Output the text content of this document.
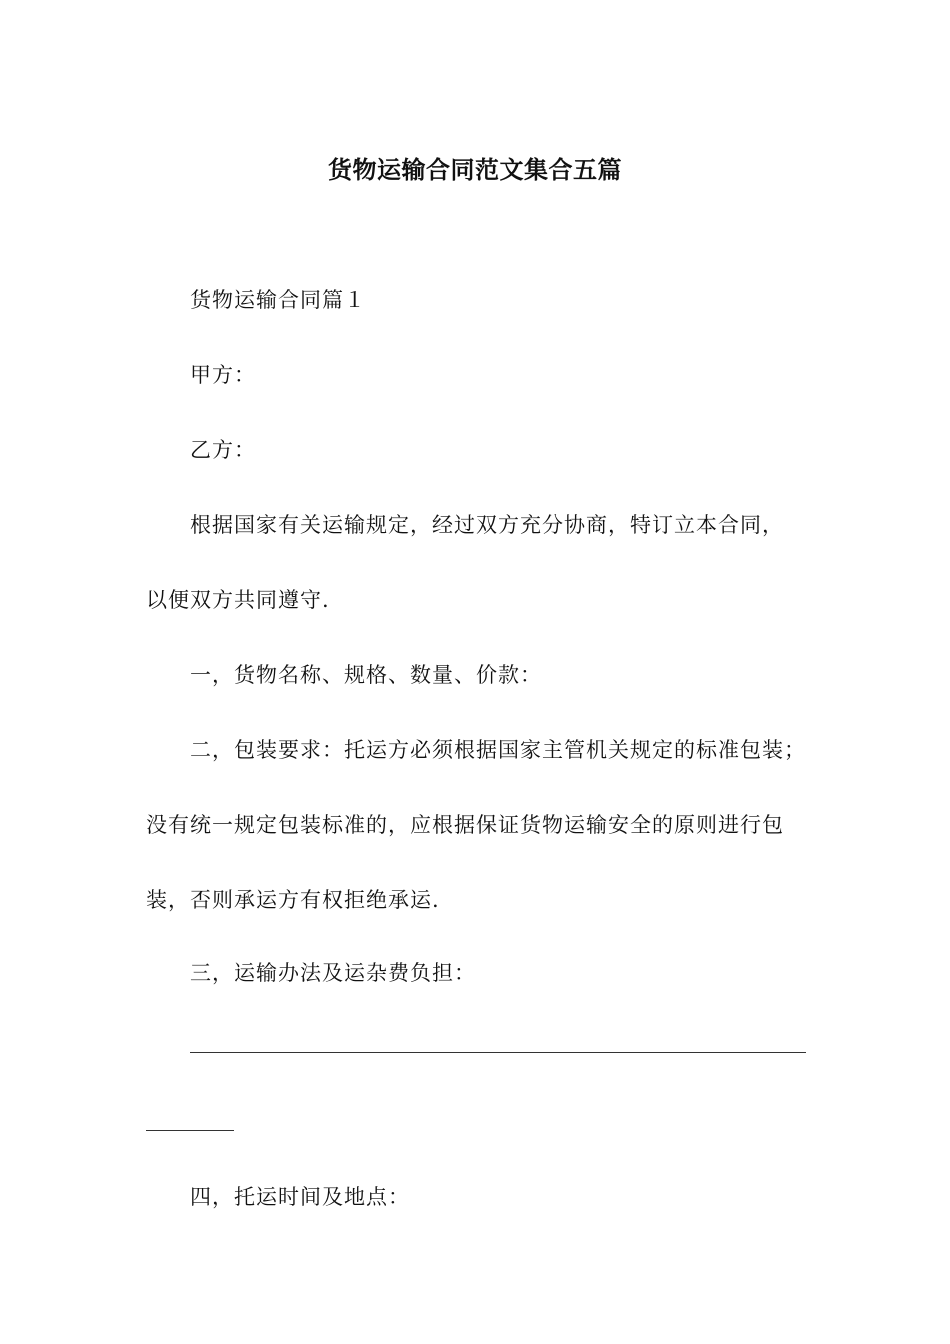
货物运输合同范文集合五篇
货物运输合同篇１
甲方：
乙方：
根据国家有关运输规定，经过双方充分协商，特订立本合同，
以便双方共同遵守.
一，货物名称、规格、数量、价款：
二，包装要求：托运方必须根据国家主管机关规定的标准包装；
没有统一规定包装标准的，应根据保证货物运输安全的原则进行包
装，否则承运方有权拒绝承运.
三，运输办法及运杂费负担：
四，托运时间及地点：
